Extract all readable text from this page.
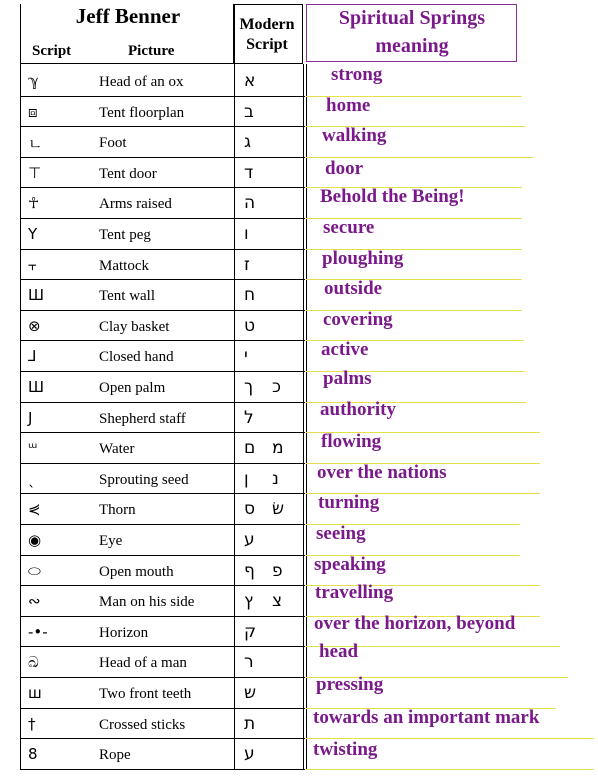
Jeff Benner
Script	Picture
Modern
Script
Spiritual Springs
meaning
ℽ	Head of an ox	א	strong
⧈	Tent floorplan	ב	home
ㄴ	Foot	ג	walking
⊤	Tent door	ד	door
☥	Arms raised	ה	Behold the Being!
Y	Tent peg	ו	secure
⫟	Mattock	ז	ploughing
Ш	Tent wall	ח	outside
⊗	Clay basket	ט	covering
⅃	Closed hand	י	active
Ш	Open palm	ך כ palms
J	Shepherd staff	ל	authority
ᵚ	Water	ם מ flowing
ˎ	Sprouting seed	ן נ over the nations
⋞	Thorn	ס שׂ turning
◉	Eye	ע	seeing
⬭	Open mouth	ף פ speaking
∾	Man on his side	ץ צ travelling
-•-	Horizon	ק	over the horizon, beyond
ඛ	Head of a man	ר	head
ш	Two front teeth	ש	pressing
†	Crossed sticks	ת	towards an important mark
8	Rope	ע	twisting
